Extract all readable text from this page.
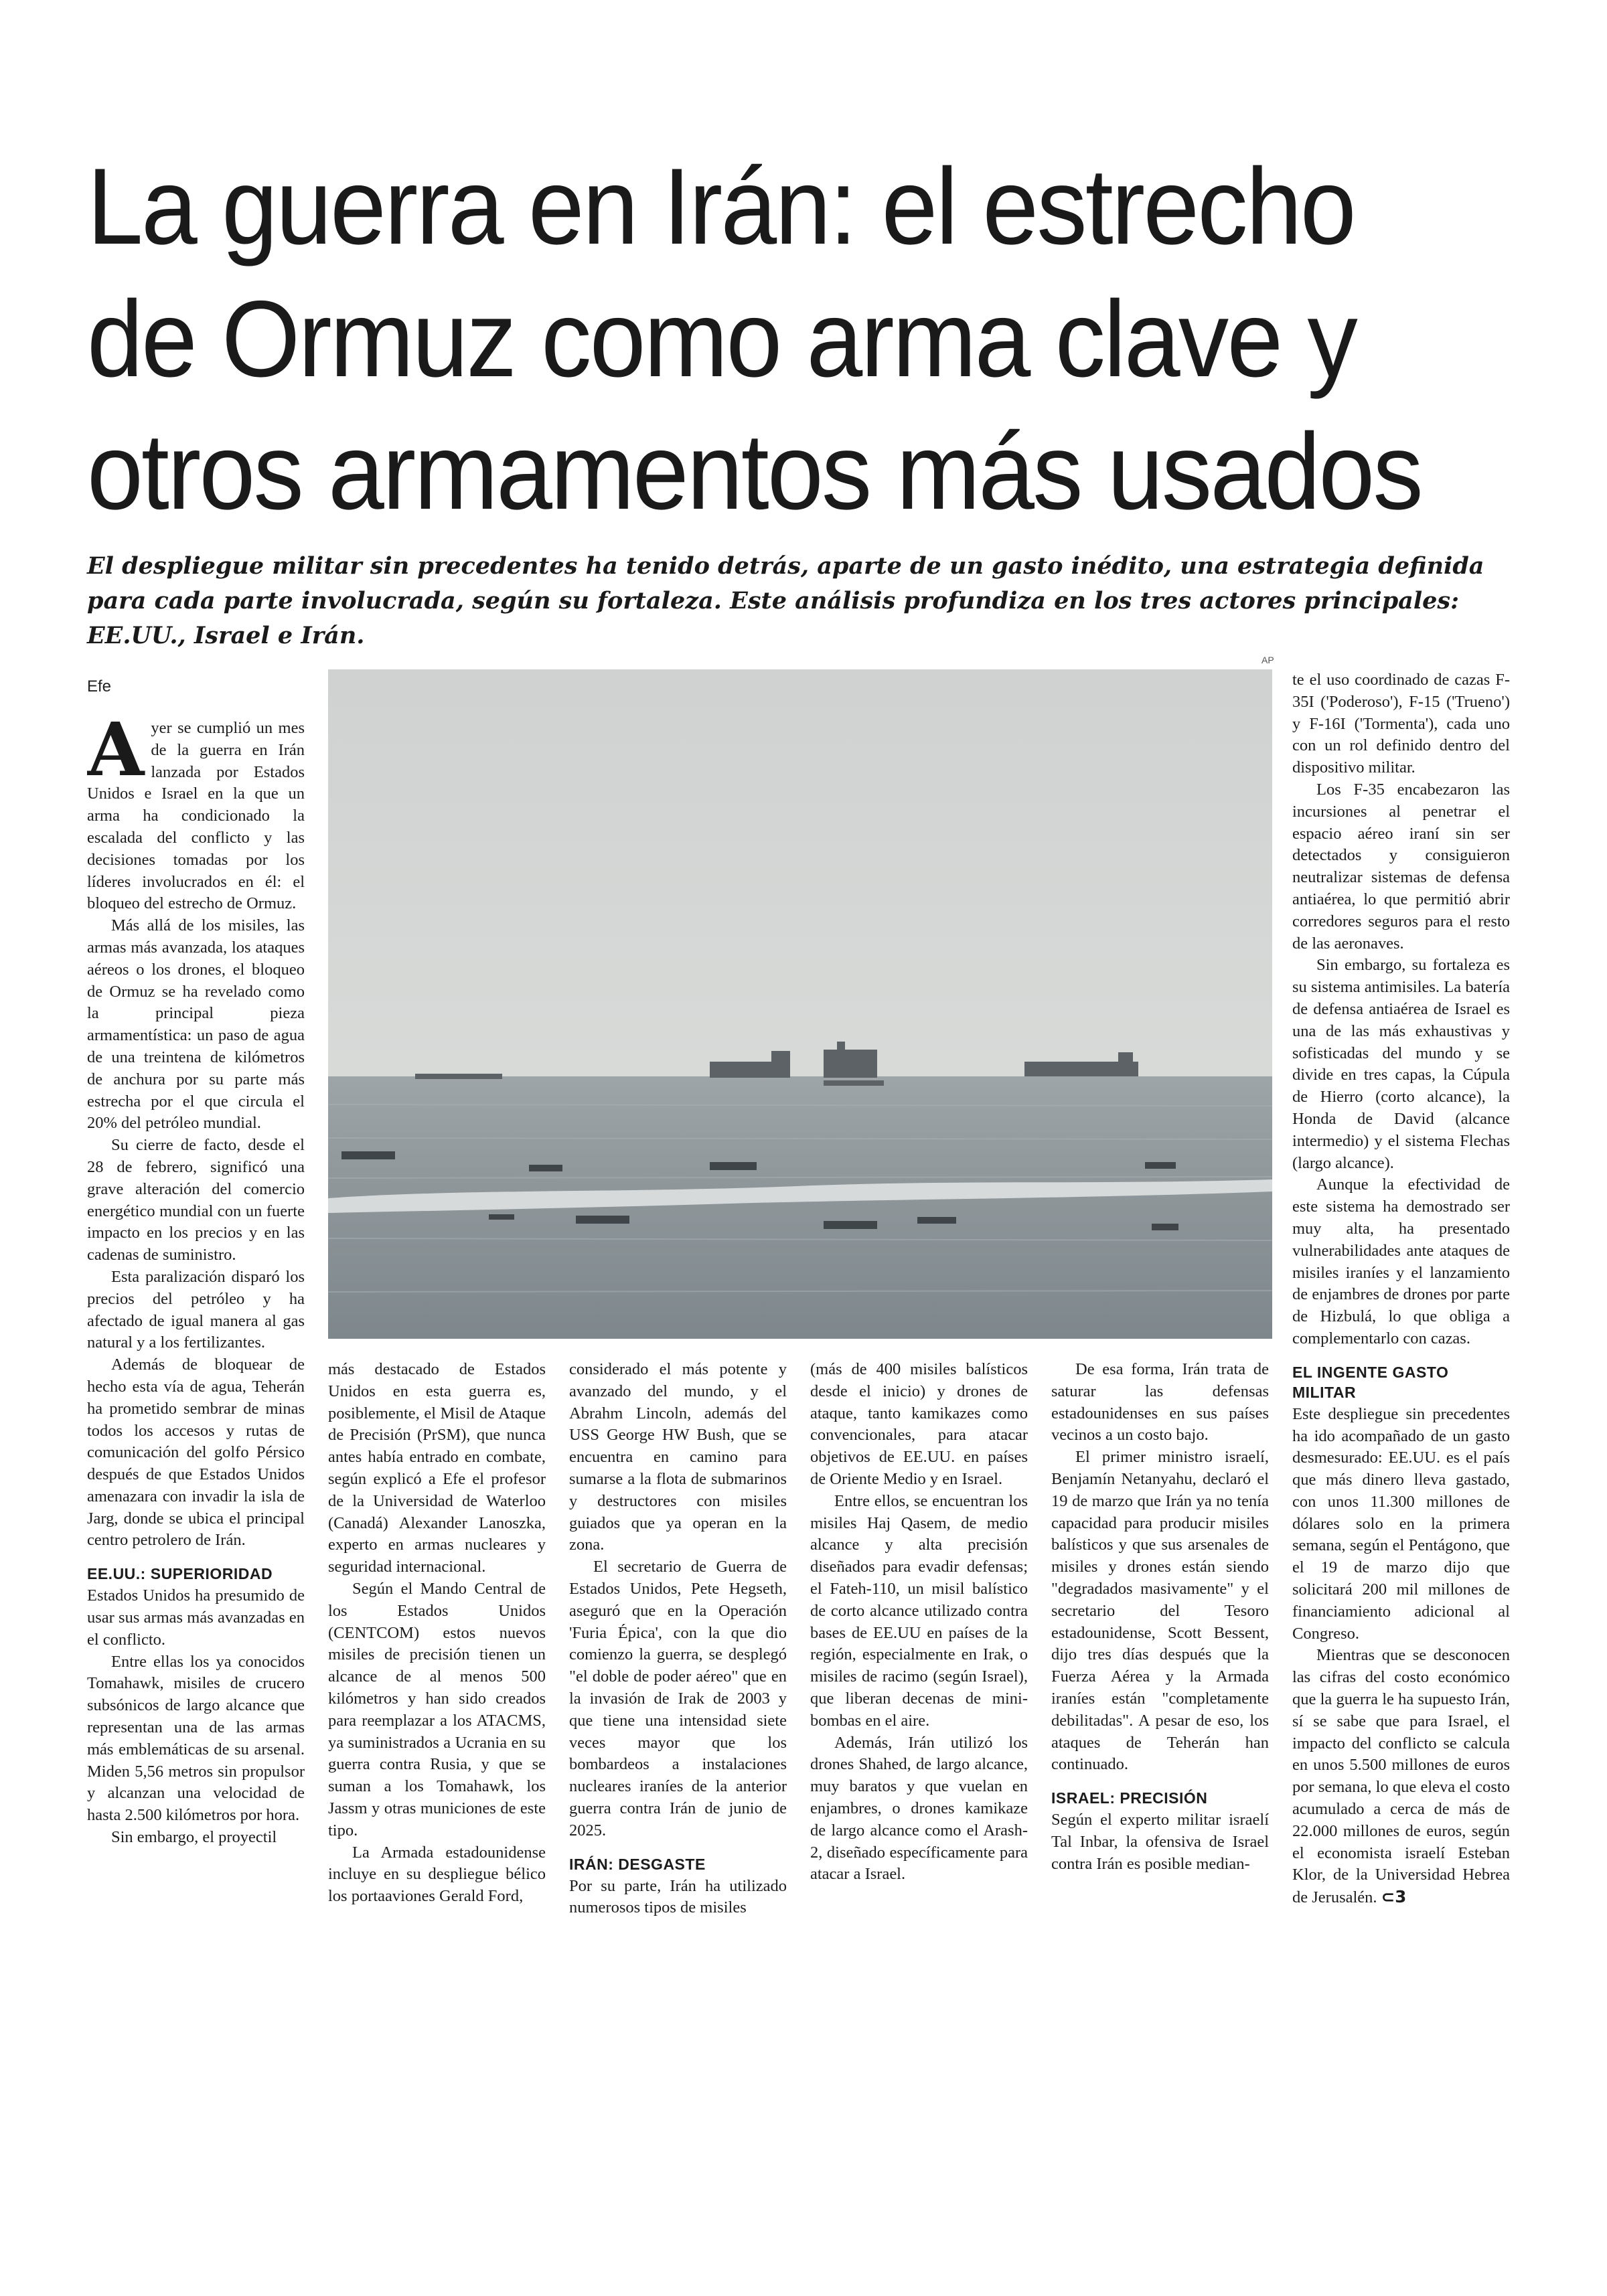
La guerra en Irán: el estrecho
de Ormuz como arma clave y
otros armamentos más usados

El despliegue militar sin precedentes ha tenido detrás, aparte de un gasto inédito, una estrategia definida para cada parte involucrada, según su fortaleza. Este análisis profundiza en los tres actores principales: EE.UU., Israel e Irán.

Efe
AP

Ayer se cumplió un mes de la guerra en Irán lanzada por Estados Unidos e Israel en la que un arma ha condicionado la escalada del conflicto y las decisiones tomadas por los líderes involucrados en él: el bloqueo del estrecho de Ormuz.

Más allá de los misiles, las armas más avanzada, los ataques aéreos o los drones, el bloqueo de Ormuz se ha revelado como la principal pieza armamentística: un paso de agua de una treintena de kilómetros de anchura por su parte más estrecha por el que circula el 20% del petróleo mundial.

Su cierre de facto, desde el 28 de febrero, significó una grave alteración del comercio energético mundial con un fuerte impacto en los precios y en las cadenas de suministro.

Esta paralización disparó los precios del petróleo y ha afectado de igual manera al gas natural y a los fertilizantes.

Además de bloquear de hecho esta vía de agua, Teherán ha prometido sembrar de minas todos los accesos y rutas de comunicación del golfo Pérsico después de que Estados Unidos amenazara con invadir la isla de Jarg, donde se ubica el principal centro petrolero de Irán.

EE.UU.: SUPERIORIDAD

Estados Unidos ha presumido de usar sus armas más avanzadas en el conflicto.

Entre ellas los ya conocidos Tomahawk, misiles de crucero subsónicos de largo alcance que representan una de las armas más emblemáticas de su arsenal. Miden 5,56 metros sin propulsor y alcanzan una velocidad de hasta 2.500 kilómetros por hora.

Sin embargo, el proyectil

más destacado de Estados Unidos en esta guerra es, posiblemente, el Misil de Ataque de Precisión (PrSM), que nunca antes había entrado en combate, según explicó a Efe el profesor de la Universidad de Waterloo (Canadá) Alexander Lanoszka, experto en armas nucleares y seguridad internacional.

Según el Mando Central de los Estados Unidos (CENTCOM) estos nuevos misiles de precisión tienen un alcance de al menos 500 kilómetros y han sido creados para reemplazar a los ATACMS, ya suministrados a Ucrania en su guerra contra Rusia, y que se suman a los Tomahawk, los Jassm y otras municiones de este tipo.

La Armada estadounidense incluye en su despliegue bélico los portaaviones Gerald Ford,

considerado el más potente y avanzado del mundo, y el Abrahm Lincoln, además del USS George HW Bush, que se encuentra en camino para sumarse a la flota de submarinos y destructores con misiles guiados que ya operan en la zona.

El secretario de Guerra de Estados Unidos, Pete Hegseth, aseguró que en la Operación 'Furia Épica', con la que dio comienzo la guerra, se desplegó "el doble de poder aéreo" que en la invasión de Irak de 2003 y que tiene una intensidad siete veces mayor que los bombardeos a instalaciones nucleares iraníes de la anterior guerra contra Irán de junio de 2025.

IRÁN: DESGASTE

Por su parte, Irán ha utilizado numerosos tipos de misiles

(más de 400 misiles balísticos desde el inicio) y drones de ataque, tanto kamikazes como convencionales, para atacar objetivos de EE.UU. en países de Oriente Medio y en Israel.

Entre ellos, se encuentran los misiles Haj Qasem, de medio alcance y alta precisión diseñados para evadir defensas; el Fateh-110, un misil balístico de corto alcance utilizado contra bases de EE.UU en países de la región, especialmente en Irak, o misiles de racimo (según Israel), que liberan decenas de mini-bombas en el aire.

Además, Irán utilizó los drones Shahed, de largo alcance, muy baratos y que vuelan en enjambres, o drones kamikaze de largo alcance como el Arash-2, diseñado específicamente para atacar a Israel.

De esa forma, Irán trata de saturar las defensas estadounidenses en sus países vecinos a un costo bajo.

El primer ministro israelí, Benjamín Netanyahu, declaró el 19 de marzo que Irán ya no tenía capacidad para producir misiles balísticos y que sus arsenales de misiles y drones están siendo "degradados masivamente" y el secretario del Tesoro estadounidense, Scott Bessent, dijo tres días después que la Fuerza Aérea y la Armada iraníes están "completamente debilitadas". A pesar de eso, los ataques de Teherán han continuado.

ISRAEL: PRECISIÓN

Según el experto militar israelí Tal Inbar, la ofensiva de Israel contra Irán es posible median-

te el uso coordinado de cazas F-35I ('Poderoso'), F-15 ('Trueno') y F-16I ('Tormenta'), cada uno con un rol definido dentro del dispositivo militar.

Los F-35 encabezaron las incursiones al penetrar el espacio aéreo iraní sin ser detectados y consiguieron neutralizar sistemas de defensa antiaérea, lo que permitió abrir corredores seguros para el resto de las aeronaves.

Sin embargo, su fortaleza es su sistema antimisiles. La batería de defensa antiaérea de Israel es una de las más exhaustivas y sofisticadas del mundo y se divide en tres capas, la Cúpula de Hierro (corto alcance), la Honda de David (alcance intermedio) y el sistema Flechas (largo alcance).

Aunque la efectividad de este sistema ha demostrado ser muy alta, ha presentado vulnerabilidades ante ataques de misiles iraníes y el lanzamiento de enjambres de drones por parte de Hizbulá, lo que obliga a complementarlo con cazas.

EL INGENTE GASTO MILITAR

Este despliegue sin precedentes ha ido acompañado de un gasto desmesurado: EE.UU. es el país que más dinero lleva gastado, con unos 11.300 millones de dólares solo en la primera semana, según el Pentágono, que el 19 de marzo dijo que solicitará 200 mil millones de financiamiento adicional al Congreso.

Mientras que se desconocen las cifras del costo económico que la guerra le ha supuesto Irán, sí se sabe que para Israel, el impacto del conflicto se calcula en unos 5.500 millones de euros por semana, lo que eleva el costo acumulado a cerca de más de 22.000 millones de euros, según el economista israelí Esteban Klor, de la Universidad Hebrea de Jerusalén. ⊂3
